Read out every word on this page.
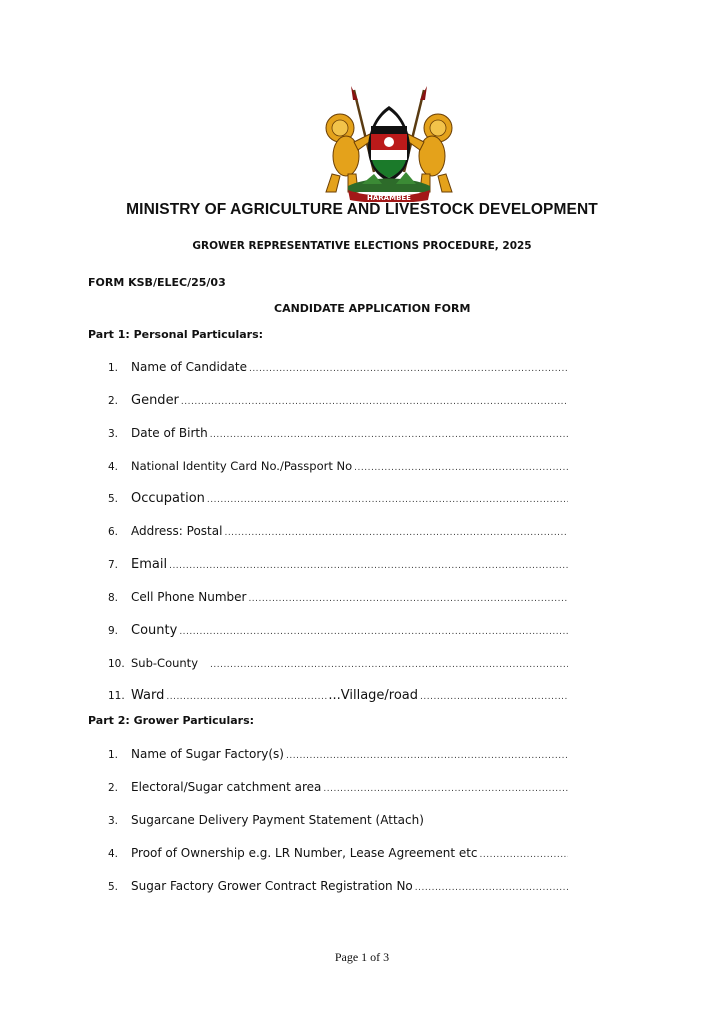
HARAMBEE
MINISTRY OF AGRICULTURE AND LIVESTOCK DEVELOPMENT
GROWER REPRESENTATIVE ELECTIONS PROCEDURE, 2025
FORM KSB/ELEC/25/03
CANDIDATE APPLICATION FORM
Part 1: Personal Particulars:
1.	Name of Candidate
.....
2. Gender
.....
3.	Date of Birth
.....
4.	National Identity Card No./Passport No
.....
5. Occupation
.....
6.	Address: Postal
.....
7. Email
.....
8.	Cell Phone Number
.....
9. County
.....
10. Sub-County
.....
11. Ward
.....	...Village/road
.....
Part 2: Grower Particulars:
1.	Name of Sugar Factory(s)
.....
2.	Electoral/Sugar catchment area
.....
3.	Sugarcane Delivery Payment Statement (Attach)
4.	Proof of Ownership e.g. LR Number, Lease Agreement etc
.....
5.	Sugar Factory Grower Contract Registration No
.....
Page 1 of 3
